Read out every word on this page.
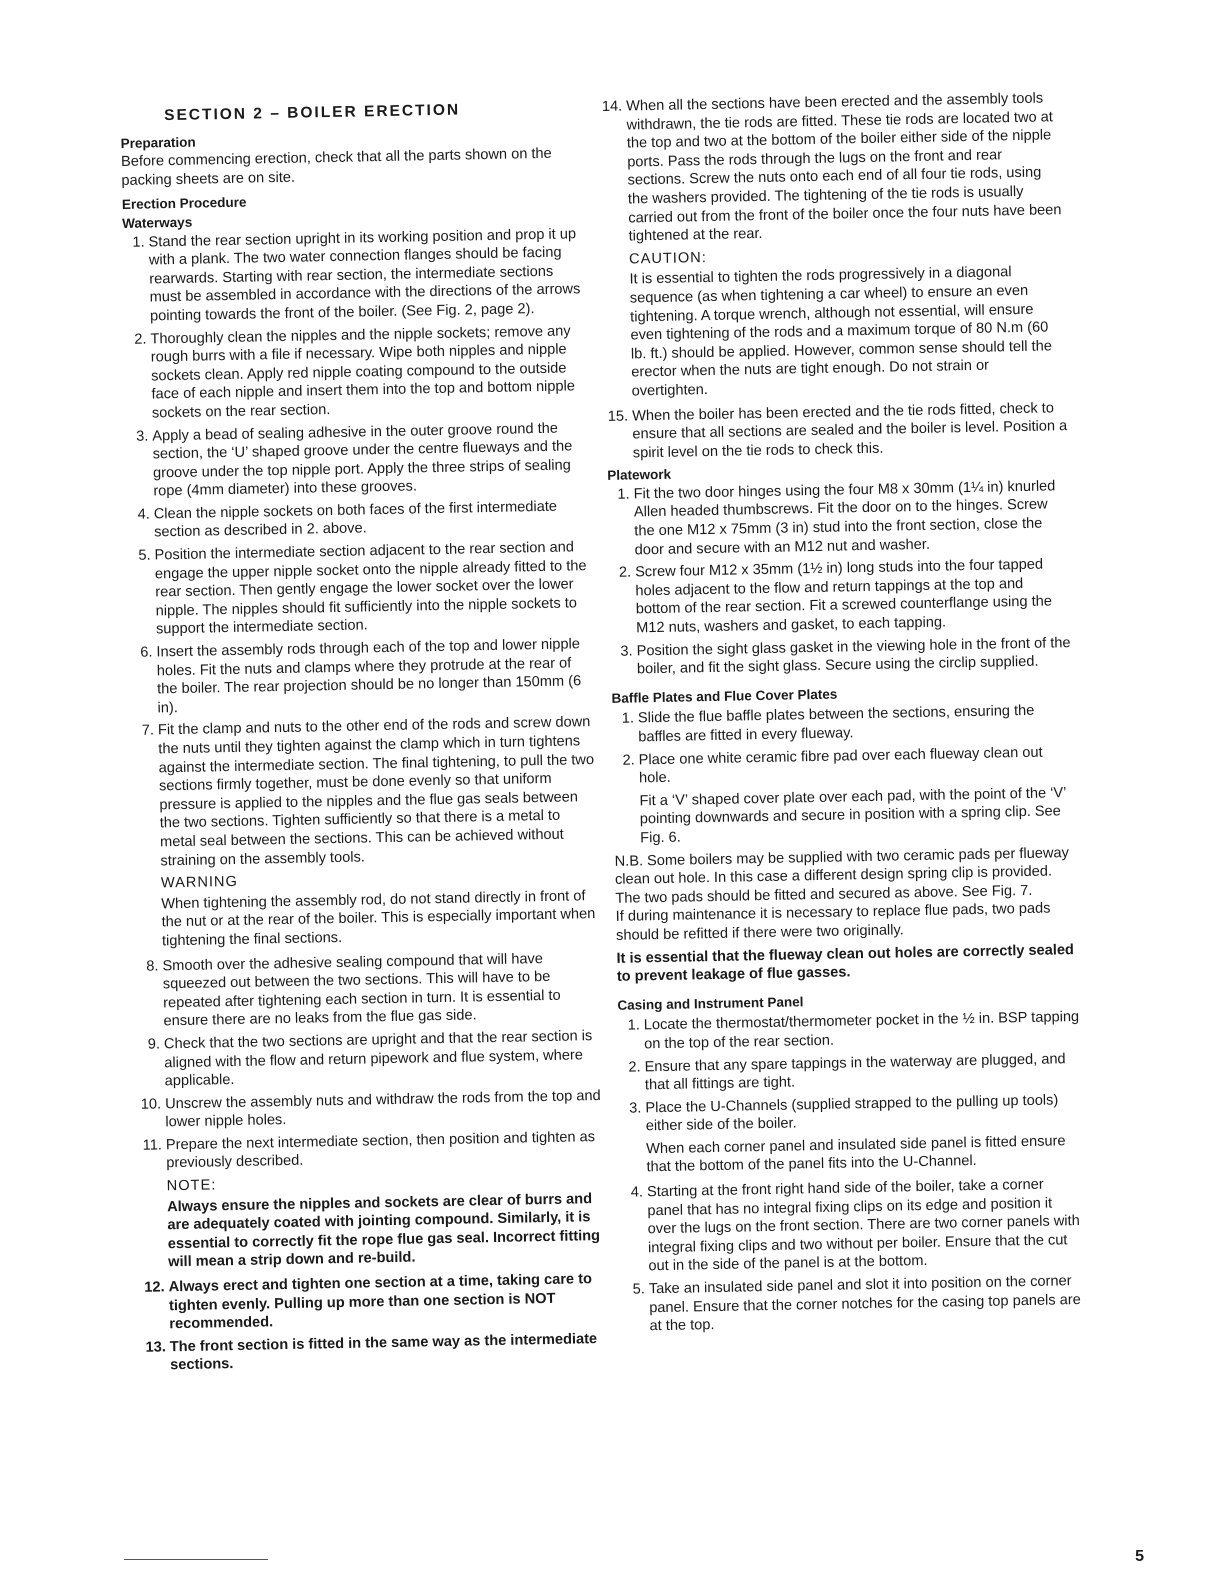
SECTION 2 – BOILER ERECTION
Preparation

Before commencing erection, check that all the parts shown on the packing sheets are on site.

Erection Procedure
Waterways
1. Stand the rear section upright in its working position and prop it up with a plank. The two water connection flanges should be facing rearwards. Starting with rear section, the intermediate sections must be assembled in accordance with the directions of the arrows pointing towards the front of the boiler. (See Fig. 2, page 2).
2. Thoroughly clean the nipples and the nipple sockets; remove any rough burrs with a file if necessary. Wipe both nipples and nipple sockets clean. Apply red nipple coating compound to the outside face of each nipple and insert them into the top and bottom nipple sockets on the rear section.
3. Apply a bead of sealing adhesive in the outer groove round the section, the ‘U’ shaped groove under the centre flueways and the groove under the top nipple port. Apply the three strips of sealing rope (4mm diameter) into these grooves.
4. Clean the nipple sockets on both faces of the first intermediate section as described in 2. above.
5. Position the intermediate section adjacent to the rear section and engage the upper nipple socket onto the nipple already fitted to the rear section. Then gently engage the lower socket over the lower nipple. The nipples should fit sufficiently into the nipple sockets to support the intermediate section.
6. Insert the assembly rods through each of the top and lower nipple holes. Fit the nuts and clamps where they protrude at the rear of the boiler. The rear projection should be no longer than 150mm (6 in).
7. Fit the clamp and nuts to the other end of the rods and screw down the nuts until they tighten against the clamp which in turn tightens against the intermediate section. The final tightening, to pull the two sections firmly together, must be done evenly so that uniform pressure is applied to the nipples and the flue gas seals between the two sections. Tighten sufficiently so that there is a metal to metal seal between the sections. This can be achieved without straining on the assembly tools.
WARNING
When tightening the assembly rod, do not stand directly in front of the nut or at the rear of the boiler. This is especially important when tightening the final sections.
8. Smooth over the adhesive sealing compound that will have squeezed out between the two sections. This will have to be repeated after tightening each section in turn. It is essential to ensure there are no leaks from the flue gas side.
9. Check that the two sections are upright and that the rear section is aligned with the flow and return pipework and flue system, where applicable.
10. Unscrew the assembly nuts and withdraw the rods from the top and lower nipple holes.
11. Prepare the next intermediate section, then position and tighten as previously described.
NOTE:
Always ensure the nipples and sockets are clear of burrs and are adequately coated with jointing compound. Similarly, it is essential to correctly fit the rope flue gas seal. Incorrect fitting will mean a strip down and re-build.
12. Always erect and tighten one section at a time, taking care to tighten evenly. Pulling up more than one section is NOT recommended.
13. The front section is fitted in the same way as the intermediate sections.
14. When all the sections have been erected and the assembly tools withdrawn, the tie rods are fitted. These tie rods are located two at the top and two at the bottom of the boiler either side of the nipple ports. Pass the rods through the lugs on the front and rear sections. Screw the nuts onto each end of all four tie rods, using the washers provided. The tightening of the tie rods is usually carried out from the front of the boiler once the four nuts have been tightened at the rear.
CAUTION:
It is essential to tighten the rods progressively in a diagonal sequence (as when tightening a car wheel) to ensure an even tightening. A torque wrench, although not essential, will ensure even tightening of the rods and a maximum torque of 80 N.m (60 lb. ft.) should be applied. However, common sense should tell the erector when the nuts are tight enough. Do not strain or overtighten.
15. When the boiler has been erected and the tie rods fitted, check to ensure that all sections are sealed and the boiler is level. Position a spirit level on the tie rods to check this.
Platework
1. Fit the two door hinges using the four M8 x 30mm (1¼ in) knurled Allen headed thumbscrews. Fit the door on to the hinges. Screw the one M12 x 75mm (3 in) stud into the front section, close the door and secure with an M12 nut and washer.
2. Screw four M12 x 35mm (1½ in) long studs into the four tapped holes adjacent to the flow and return tappings at the top and bottom of the rear section. Fit a screwed counterflange using the M12 nuts, washers and gasket, to each tapping.
3. Position the sight glass gasket in the viewing hole in the front of the boiler, and fit the sight glass. Secure using the circlip supplied.
Baffle Plates and Flue Cover Plates
1. Slide the flue baffle plates between the sections, ensuring the baffles are fitted in every flueway.
2. Place one white ceramic fibre pad over each flueway clean out hole.
Fit a ‘V’ shaped cover plate over each pad, with the point of the ‘V’ pointing downwards and secure in position with a spring clip. See Fig. 6.

N.B. Some boilers may be supplied with two ceramic pads per flueway clean out hole. In this case a different design spring clip is provided. The two pads should be fitted and secured as above. See Fig. 7.

If during maintenance it is necessary to replace flue pads, two pads should be refitted if there were two originally.

It is essential that the flueway clean out holes are correctly sealed to prevent leakage of flue gasses.

Casing and Instrument Panel
1. Locate the thermostat/thermometer pocket in the ½ in. BSP tapping on the top of the rear section.
2. Ensure that any spare tappings in the waterway are plugged, and that all fittings are tight.
3. Place the U-Channels (supplied strapped to the pulling up tools) either side of the boiler.
When each corner panel and insulated side panel is fitted ensure that the bottom of the panel fits into the U-Channel.
4. Starting at the front right hand side of the boiler, take a corner panel that has no integral fixing clips on its edge and position it over the lugs on the front section. There are two corner panels with integral fixing clips and two without per boiler. Ensure that the cut out in the side of the panel is at the bottom.
5. Take an insulated side panel and slot it into position on the corner panel. Ensure that the corner notches for the casing top panels are at the top.
5
